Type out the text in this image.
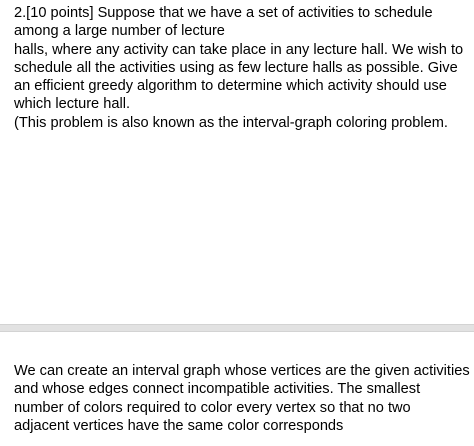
2.[10 points] Suppose that we have a set of activities to schedule
among a large number of lecture
halls, where any activity can take place in any lecture hall. We wish to
schedule all the activities using as few lecture halls as possible. Give
an efficient greedy algorithm to determine which activity should use
which lecture hall.
(This problem is also known as the interval-graph coloring problem.
We can create an interval graph whose vertices are the given activities
and whose edges connect incompatible activities. The smallest
number of colors required to color every vertex so that no two
adjacent vertices have the same color corresponds
